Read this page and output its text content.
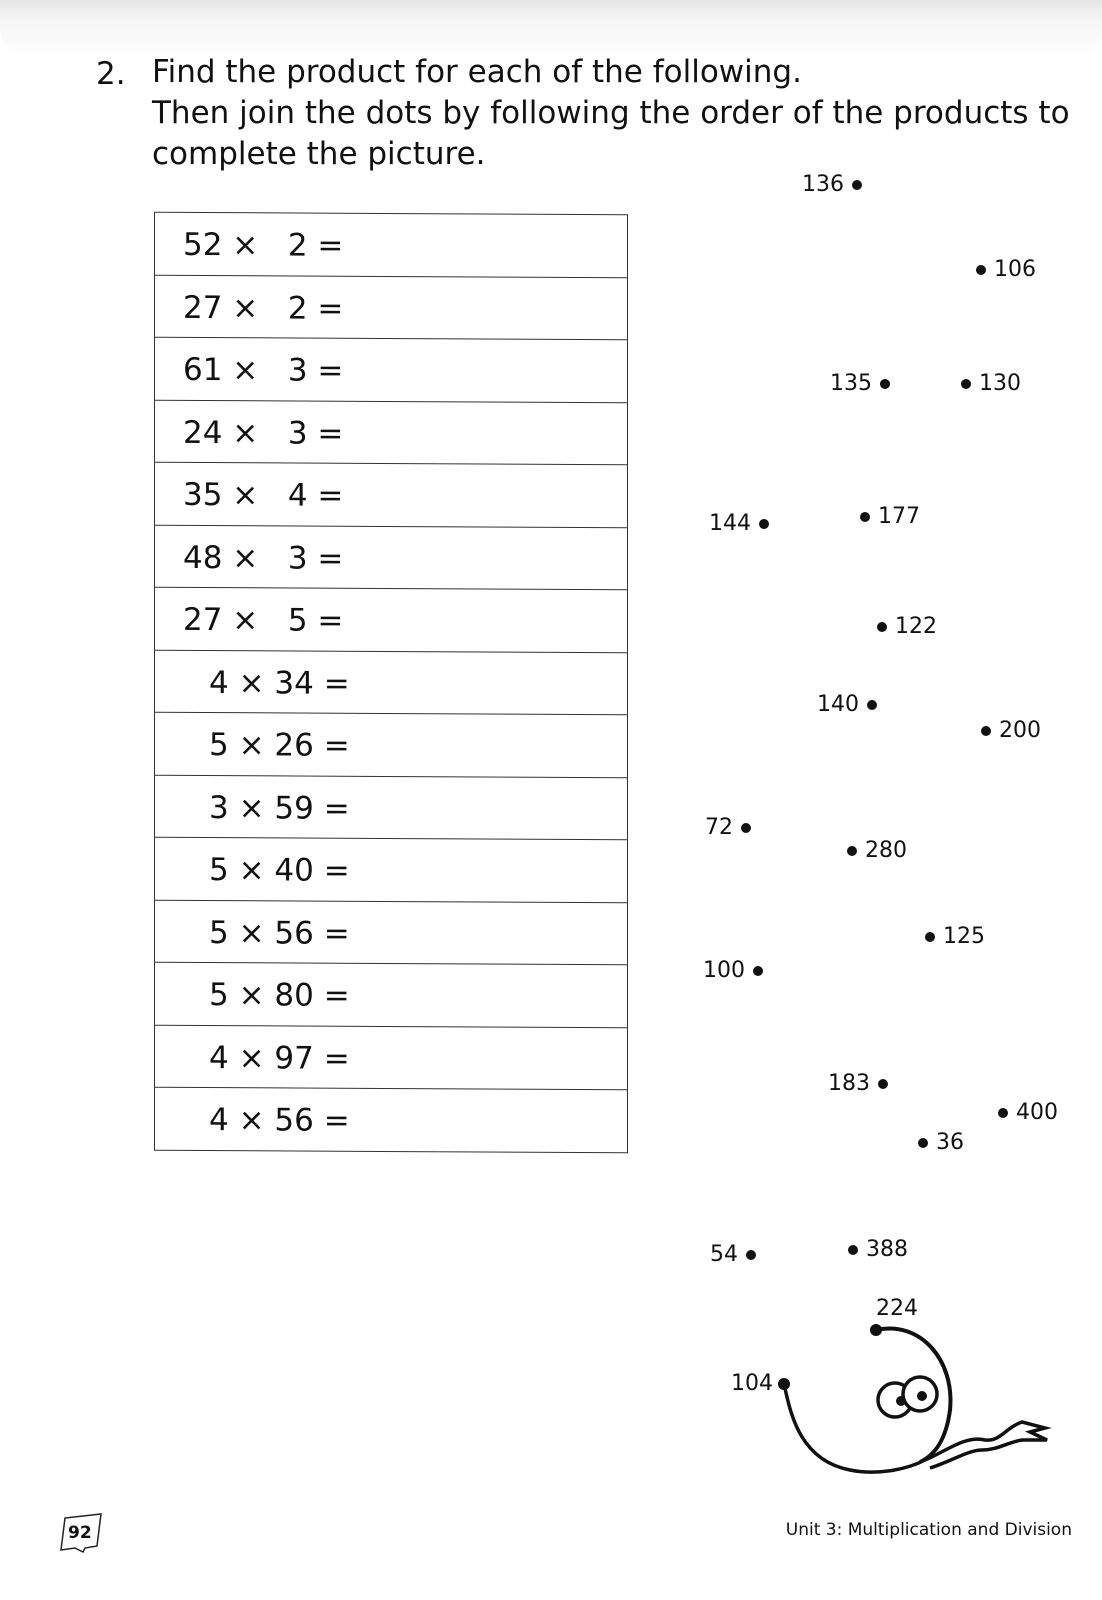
2. Find the product for each of the following.
Then join the dots by following the order of the products to
complete the picture.

52 ×   2 =
27 ×   2 =
61 ×   3 =
24 ×   3 =
35 ×   4 =
48 ×   3 =
27 ×   5 =
4 × 34 =
5 × 26 =
3 × 59 =
5 × 40 =
5 × 56 =
5 × 80 =
4 × 97 =
4 × 56 =
136
106
135	130
144	177
122
140
200
72
280
125
100
183
400
36
54	388
224
104
92	Unit 3: Multiplication and Division
